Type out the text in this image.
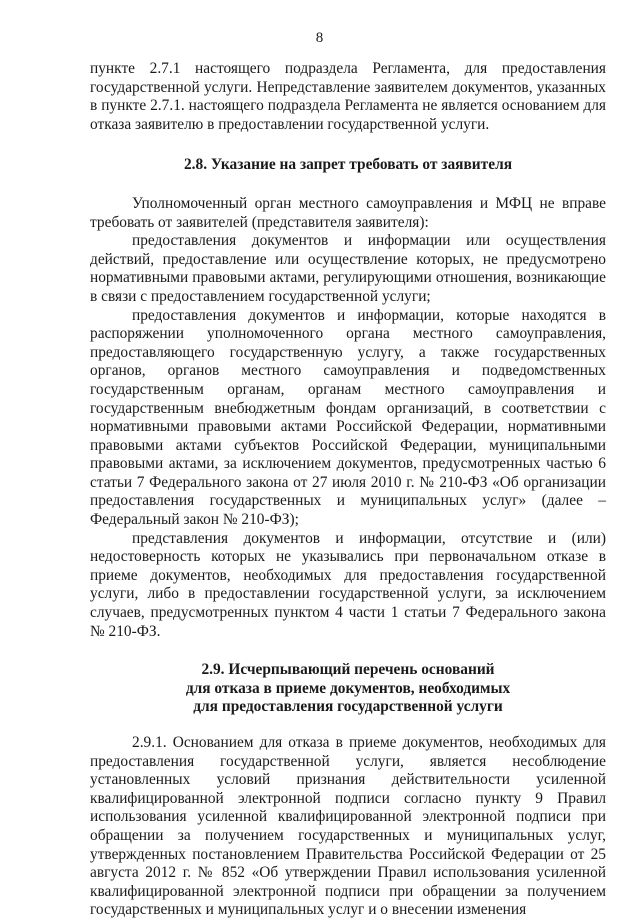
8

пункте 2.7.1 настоящего подраздела Регламента, для предоставления государственной услуги. Непредставление заявителем документов, указанных в пункте 2.7.1. настоящего подраздела Регламента не является основанием для отказа заявителю в предоставлении государственной услуги.

2.8. Указание на запрет требовать от заявителя

Уполномоченный орган местного самоуправления и МФЦ не вправе требовать от заявителей (представителя заявителя):

предоставления документов и информации или осуществления действий, предоставление или осуществление которых, не предусмотрено нормативными правовыми актами, регулирующими отношения, возникающие в связи с предоставлением государственной услуги;

предоставления документов и информации, которые находятся в распоряжении уполномоченного органа местного самоуправления, предоставляющего государственную услугу, а также государственных органов, органов местного самоуправления и подведомственных государственным органам, органам местного самоуправления и государственным внебюджетным фондам организаций, в соответствии с нормативными правовыми актами Российской Федерации, нормативными правовыми актами субъектов Российской Федерации, муниципальными правовыми актами, за исключением документов, предусмотренных частью 6 статьи 7 Федерального закона от 27 июля 2010 г. № 210-ФЗ «Об организации предоставления государственных и муниципальных услуг» (далее – Федеральный закон № 210-ФЗ);

представления документов и информации, отсутствие и (или) недостоверность которых не указывались при первоначальном отказе в приеме документов, необходимых для предоставления государственной услуги, либо в предоставлении государственной услуги, за исключением случаев, предусмотренных пунктом 4 части 1 статьи 7 Федерального закона № 210-ФЗ.

2.9. Исчерпывающий перечень оснований

для отказа в приеме документов, необходимых

для предоставления государственной услуги

2.9.1. Основанием для отказа в приеме документов, необходимых для предоставления государственной услуги, является несоблюдение установленных условий признания действительности усиленной квалифицированной электронной подписи согласно пункту 9 Правил использования усиленной квалифицированной электронной подписи при обращении за получением государственных и муниципальных услуг, утвержденных постановлением Правительства Российской Федерации от 25 августа 2012 г. № 852 «Об утверждении Правил использования усиленной квалифицированной электронной подписи при обращении за получением государственных и муниципальных услуг и о внесении изменения
